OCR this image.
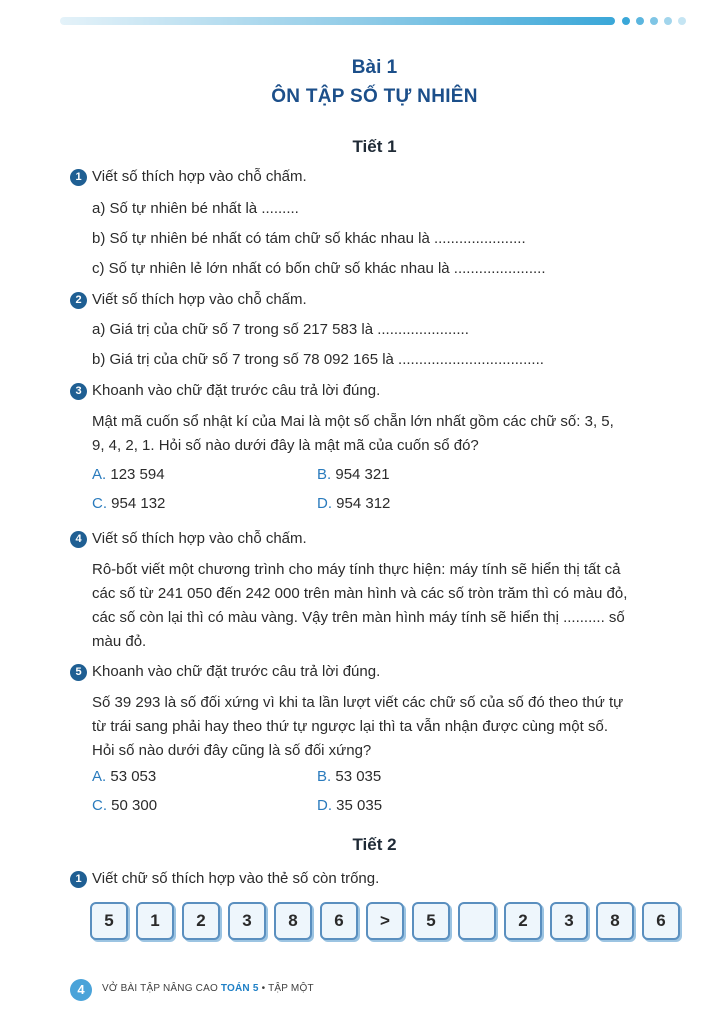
Bài 1
ÔN TẬP SỐ TỰ NHIÊN
Tiết 1
1 Viết số thích hợp vào chỗ chấm.
a) Số tự nhiên bé nhất là .........
b) Số tự nhiên bé nhất có tám chữ số khác nhau là ......................
c) Số tự nhiên lẻ lớn nhất có bốn chữ số khác nhau là ......................
2 Viết số thích hợp vào chỗ chấm.
a) Giá trị của chữ số 7 trong số 217 583 là ......................
b) Giá trị của chữ số 7 trong số 78 092 165 là ...................................
3 Khoanh vào chữ đặt trước câu trả lời đúng.
Mật mã cuốn sổ nhật kí của Mai là một số chẵn lớn nhất gồm các chữ số: 3, 5,
9, 4, 2, 1. Hỏi số nào dưới đây là mật mã của cuốn sổ đó?
A. 123 594	B. 954 321
C. 954 132	D. 954 312
4 Viết số thích hợp vào chỗ chấm.
Rô-bốt viết một chương trình cho máy tính thực hiện: máy tính sẽ hiển thị tất cả
các số từ 241 050 đến 242 000 trên màn hình và các số tròn trăm thì có màu đỏ,
các số còn lại thì có màu vàng. Vậy trên màn hình máy tính sẽ hiển thị .......... số
màu đỏ.
5 Khoanh vào chữ đặt trước câu trả lời đúng.
Số 39 293 là số đối xứng vì khi ta lần lượt viết các chữ số của số đó theo thứ tự
từ trái sang phải hay theo thứ tự ngược lại thì ta vẫn nhận được cùng một số.
Hỏi số nào dưới đây cũng là số đối xứng?
A. 53 053	B. 53 035
C. 50 300	D. 35 035
Tiết 2
1 Viết chữ số thích hợp vào thẻ số còn trống.
5	1	2	3	8	6	>	5	2	3	8	6
4	VỞ BÀI TẬP NÂNG CAO TOÁN 5 • TẬP MỘT
